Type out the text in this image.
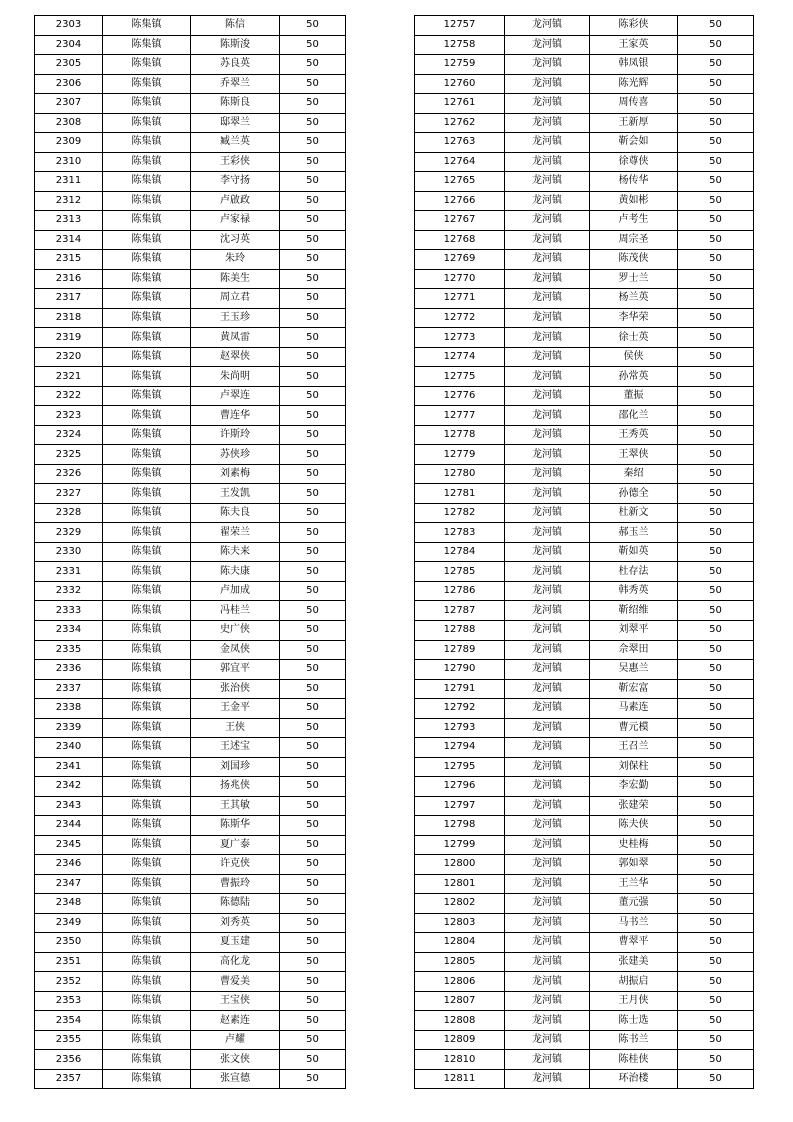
2303	陈集镇	陈信	50
2304	陈集镇	陈斯浚	50
2305	陈集镇	苏良英	50
2306	陈集镇	乔翠兰	50
2307	陈集镇	陈斯良	50
2308	陈集镇	邸翠兰	50
2309	陈集镇	臧兰英	50
2310	陈集镇	王彩侠	50
2311	陈集镇	李守扬	50
2312	陈集镇	卢啟政	50
2313	陈集镇	卢家禄	50
2314	陈集镇	沈习英	50
2315	陈集镇	朱玲	50
2316	陈集镇	陈美生	50
2317	陈集镇	周立君	50
2318	陈集镇	王玉珍	50
2319	陈集镇	黄凤雷	50
2320	陈集镇	赵翠侠	50
2321	陈集镇	朱尚明	50
2322	陈集镇	卢翠连	50
2323	陈集镇	曹连华	50
2324	陈集镇	许斯玲	50
2325	陈集镇	苏侠珍	50
2326	陈集镇	刘素梅	50
2327	陈集镇	王发凯	50
2328	陈集镇	陈夫良	50
2329	陈集镇	翟荣兰	50
2330	陈集镇	陈夫来	50
2331	陈集镇	陈夫康	50
2332	陈集镇	卢加成	50
2333	陈集镇	冯桂兰	50
2334	陈集镇	史广侠	50
2335	陈集镇	金凤侠	50
2336	陈集镇	郭宜平	50
2337	陈集镇	张治侠	50
2338	陈集镇	王金平	50
2339	陈集镇	王侠	50
2340	陈集镇	王述宝	50
2341	陈集镇	刘国珍	50
2342	陈集镇	扬兆侠	50
2343	陈集镇	王其敏	50
2344	陈集镇	陈斯华	50
2345	陈集镇	夏广泰	50
2346	陈集镇	许克侠	50
2347	陈集镇	曹振玲	50
2348	陈集镇	陈德陆	50
2349	陈集镇	刘秀英	50
2350	陈集镇	夏玉建	50
2351	陈集镇	高化龙	50
2352	陈集镇	曹爱美	50
2353	陈集镇	王宝侠	50
2354	陈集镇	赵素连	50
2355	陈集镇	卢耀	50
2356	陈集镇	张文侠	50
2357	陈集镇	张宣德	50
12757	龙河镇	陈彩侠	50
12758	龙河镇	王家英	50
12759	龙河镇	韩凤银	50
12760	龙河镇	陈光辉	50
12761	龙河镇	周传喜	50
12762	龙河镇	王新厚	50
12763	龙河镇	靳会如	50
12764	龙河镇	徐尊侠	50
12765	龙河镇	杨传华	50
12766	龙河镇	黄如彬	50
12767	龙河镇	卢考生	50
12768	龙河镇	周宗圣	50
12769	龙河镇	陈茂侠	50
12770	龙河镇	罗士兰	50
12771	龙河镇	杨兰英	50
12772	龙河镇	李华荣	50
12773	龙河镇	徐士英	50
12774	龙河镇	侯侠	50
12775	龙河镇	孙常英	50
12776	龙河镇	董振	50
12777	龙河镇	邵化兰	50
12778	龙河镇	王秀英	50
12779	龙河镇	王翠侠	50
12780	龙河镇	秦绍	50
12781	龙河镇	孙德全	50
12782	龙河镇	杜新文	50
12783	龙河镇	郝玉兰	50
12784	龙河镇	靳如英	50
12785	龙河镇	杜存法	50
12786	龙河镇	韩秀英	50
12787	龙河镇	靳绍维	50
12788	龙河镇	刘翠平	50
12789	龙河镇	佘翠田	50
12790	龙河镇	吴惠兰	50
12791	龙河镇	靳宏富	50
12792	龙河镇	马素连	50
12793	龙河镇	曹元模	50
12794	龙河镇	王召兰	50
12795	龙河镇	刘保柱	50
12796	龙河镇	李宏勤	50
12797	龙河镇	张建荣	50
12798	龙河镇	陈夫侠	50
12799	龙河镇	史桂梅	50
12800	龙河镇	郭如翠	50
12801	龙河镇	王兰华	50
12802	龙河镇	董元强	50
12803	龙河镇	马书兰	50
12804	龙河镇	曹翠平	50
12805	龙河镇	张建美	50
12806	龙河镇	胡振启	50
12807	龙河镇	王月侠	50
12808	龙河镇	陈士选	50
12809	龙河镇	陈书兰	50
12810	龙河镇	陈桂侠	50
12811	龙河镇	环治楼	50
